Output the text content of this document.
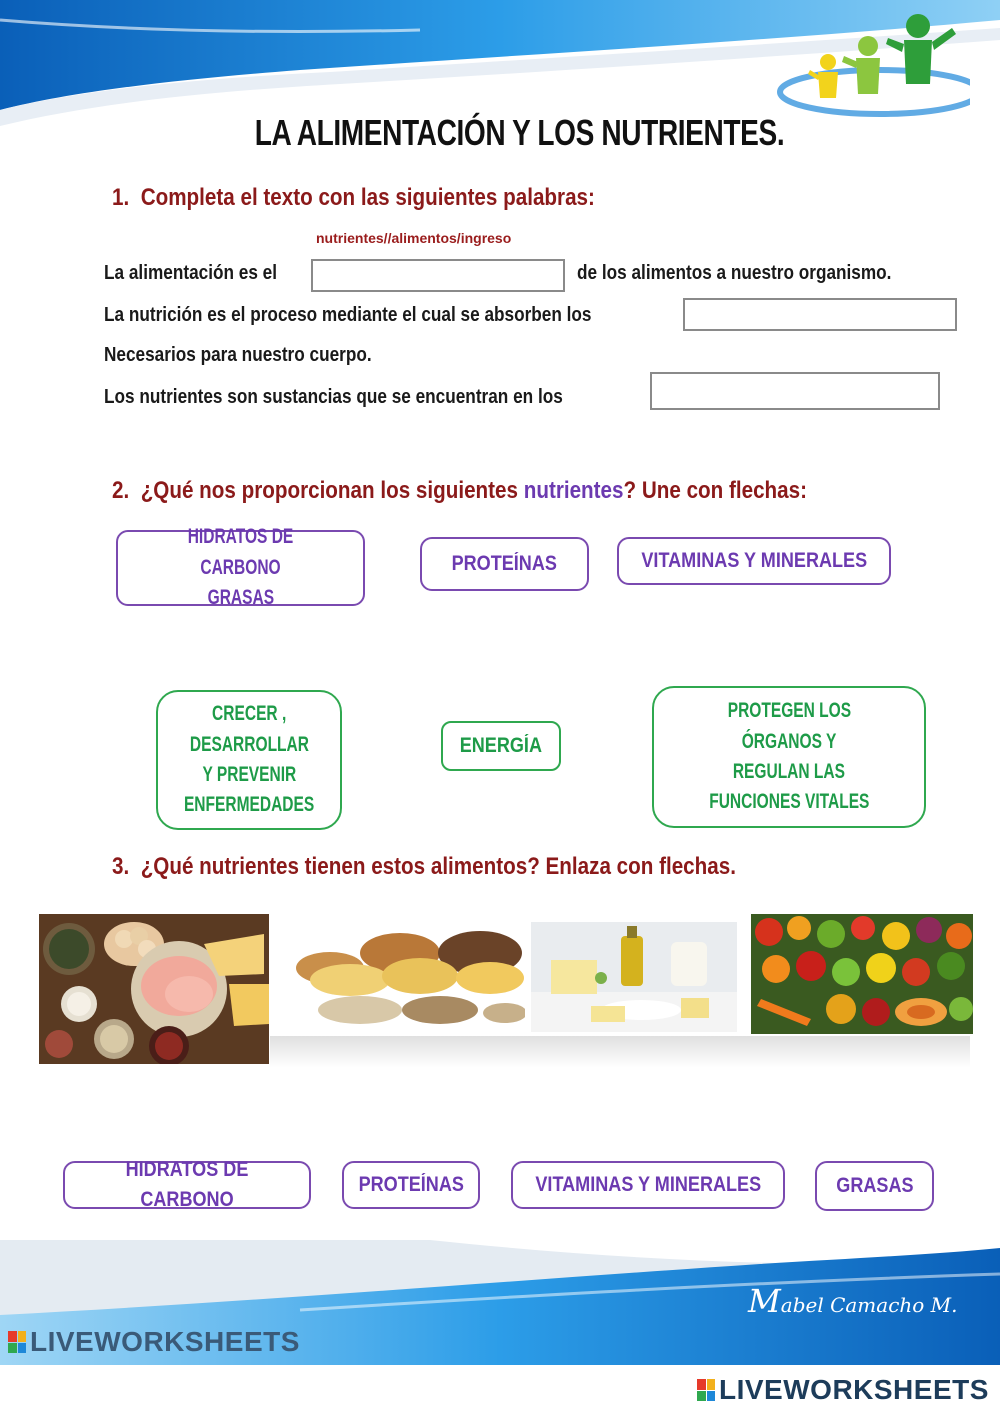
LA ALIMENTACIÓN Y LOS NUTRIENTES.
1. Completa el texto con las siguientes palabras:
nutrientes//alimentos/ingreso
La alimentación es el	de los alimentos a nuestro organismo.
La nutrición es el proceso mediante el cual se absorben los
Necesarios para nuestro cuerpo.
Los nutrientes son sustancias que se encuentran en los
2. ¿Qué nos proporcionan los siguientes nutrientes? Une con flechas:
HIDRATOS DE CARBONO
GRASAS
PROTEÍNAS	VITAMINAS Y MINERALES
CRECER ,
DESARROLLAR
Y PREVENIR
ENFERMEDADES
ENERGÍA
PROTEGEN LOS
ÓRGANOS Y
REGULAN LAS
FUNCIONES VITALES
3. ¿Qué nutrientes tienen estos alimentos? Enlaza con flechas.
HIDRATOS DE CARBONO
PROTEÍNAS	VITAMINAS Y MINERALES	GRASAS
Mabel Camacho M.
LIVEWORKSHEETS
LIVEWORKSHEETS
